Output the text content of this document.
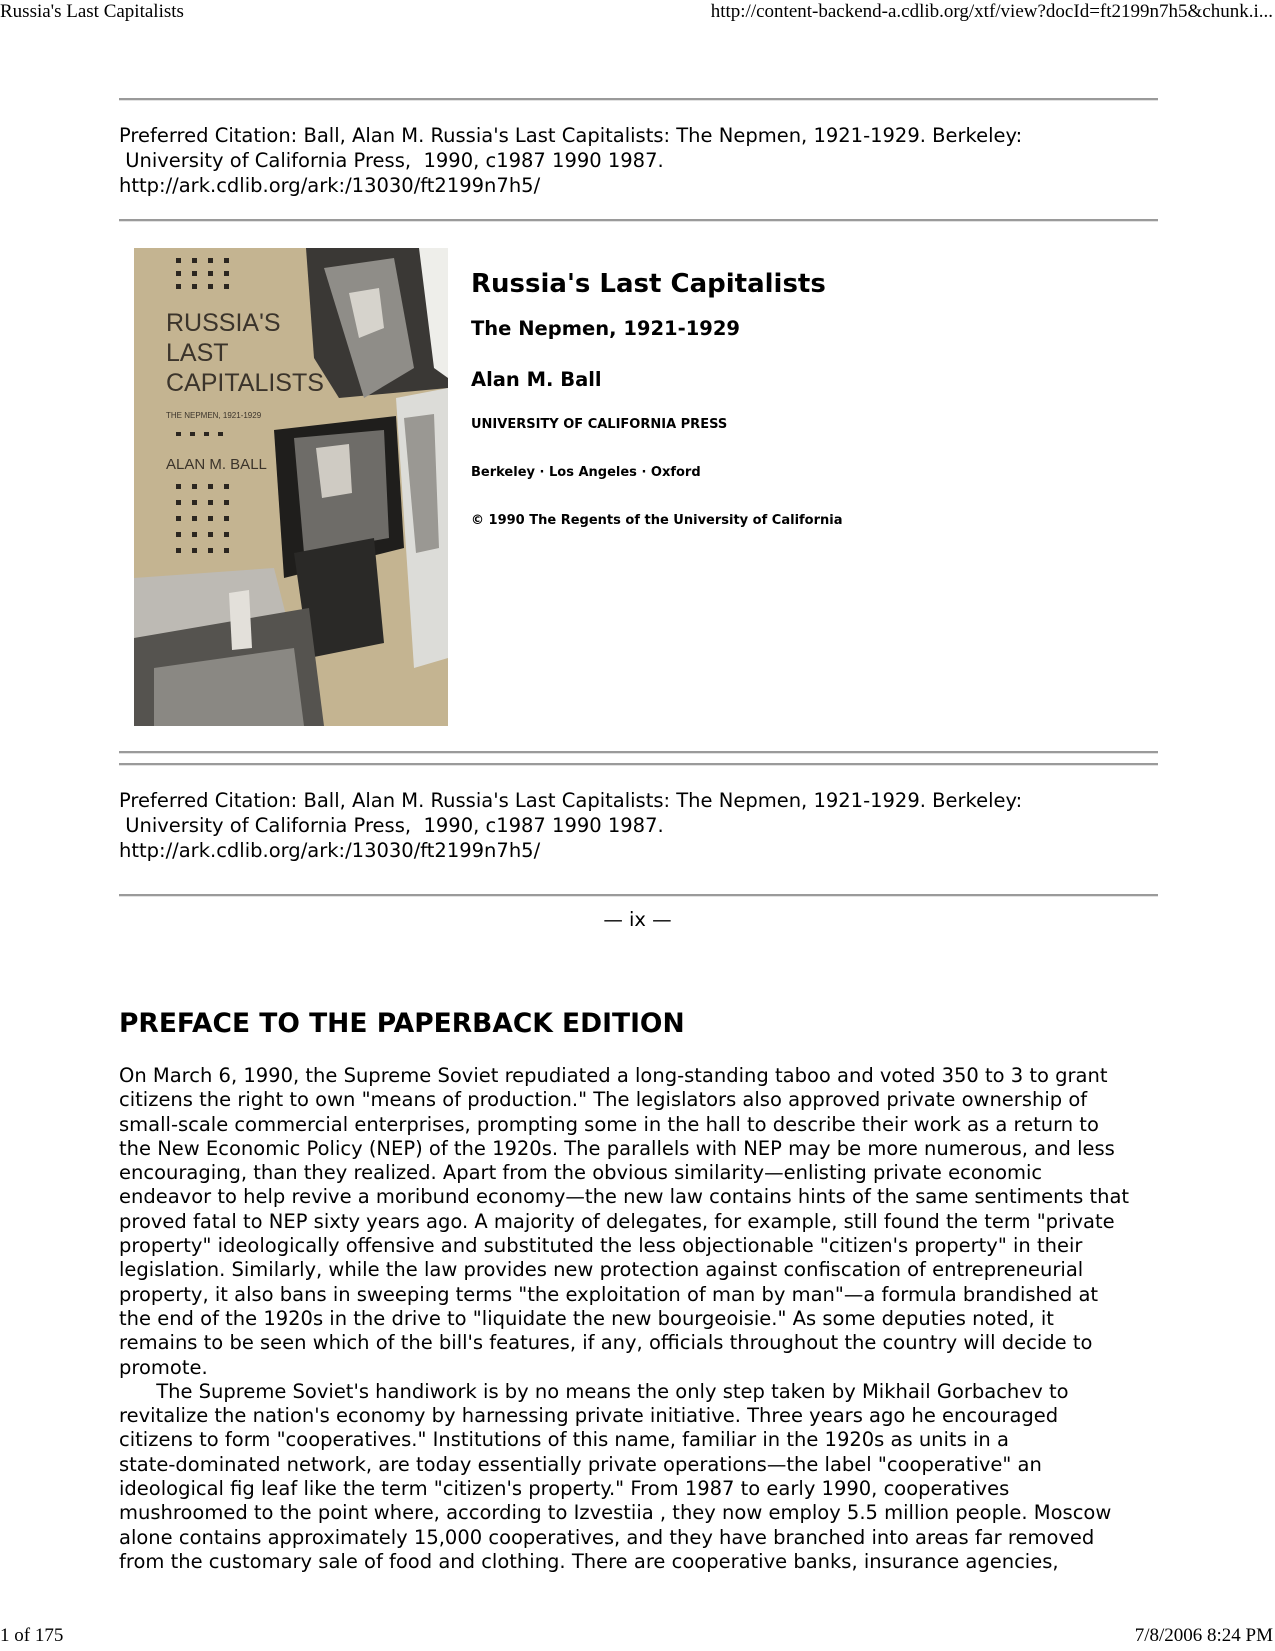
Russia's Last Capitalists	http://content-backend-a.cdlib.org/xtf/view?docId=ft2199n7h5&chunk.i...
Preferred Citation: Ball, Alan M. Russia's Last Capitalists: The Nepmen, 1921-1929. Berkeley:
University of California Press,  1990, c1987 1990 1987.
http://ark.cdlib.org/ark:/13030/ft2199n7h5/
RUSSIA'S
LAST
CAPITALISTS
THE NEPMEN, 1921-1929
ALAN M. BALL
Russia's Last Capitalists
The Nepmen, 1921-1929
Alan M. Ball
UNIVERSITY OF CALIFORNIA PRESS
Berkeley · Los Angeles · Oxford
© 1990 The Regents of the University of California
Preferred Citation: Ball, Alan M. Russia's Last Capitalists: The Nepmen, 1921-1929. Berkeley:
University of California Press,  1990, c1987 1990 1987.
http://ark.cdlib.org/ark:/13030/ft2199n7h5/
— ix —
PREFACE TO THE PAPERBACK EDITION
On March 6, 1990, the Supreme Soviet repudiated a long-standing taboo and voted 350 to 3 to grant
citizens the right to own "means of production." The legislators also approved private ownership of
small-scale commercial enterprises, prompting some in the hall to describe their work as a return to
the New Economic Policy (NEP) of the 1920s. The parallels with NEP may be more numerous, and less
encouraging, than they realized. Apart from the obvious similarity—enlisting private economic
endeavor to help revive a moribund economy—the new law contains hints of the same sentiments that
proved fatal to NEP sixty years ago. A majority of delegates, for example, still found the term "private
property" ideologically offensive and substituted the less objectionable "citizen's property" in their
legislation. Similarly, while the law provides new protection against confiscation of entrepreneurial
property, it also bans in sweeping terms "the exploitation of man by man"—a formula brandished at
the end of the 1920s in the drive to "liquidate the new bourgeoisie." As some deputies noted, it
remains to be seen which of the bill's features, if any, officials throughout the country will decide to
promote.
The Supreme Soviet's handiwork is by no means the only step taken by Mikhail Gorbachev to
revitalize the nation's economy by harnessing private initiative. Three years ago he encouraged
citizens to form "cooperatives." Institutions of this name, familiar in the 1920s as units in a
state-dominated network, are today essentially private operations—the label "cooperative" an
ideological fig leaf like the term "citizen's property." From 1987 to early 1990, cooperatives
mushroomed to the point where, according to Izvestiia , they now employ 5.5 million people. Moscow
alone contains approximately 15,000 cooperatives, and they have branched into areas far removed
from the customary sale of food and clothing. There are cooperative banks, insurance agencies,
1 of 175	7/8/2006 8:24 PM
